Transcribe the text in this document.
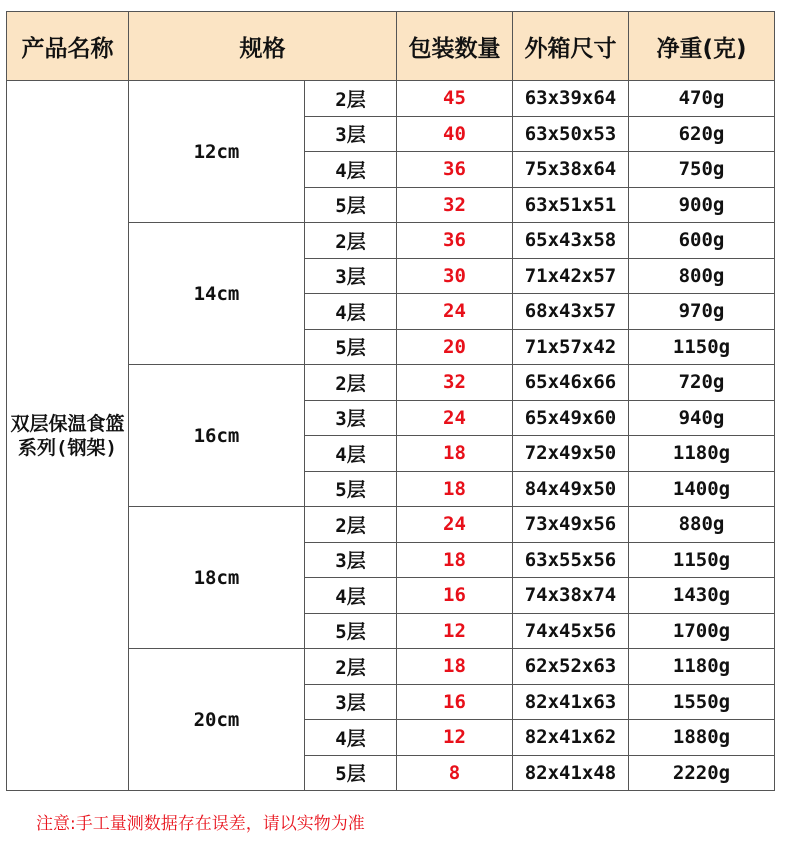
产品名称	规格		包装数量	外箱尺寸	净重(克)
双层保温食篮 系列(钢架)	12cm	2层	45	63x39x64	470g
		3层	40	63x50x53	620g
		4层	36	75x38x64	750g
		5层	32	63x51x51	900g
	14cm	2层	36	65x43x58	600g
		3层	30	71x42x57	800g
		4层	24	68x43x57	970g
		5层	20	71x57x42	1150g
	16cm	2层	32	65x46x66	720g
		3层	24	65x49x60	940g
		4层	18	72x49x50	1180g
		5层	18	84x49x50	1400g
	18cm	2层	24	73x49x56	880g
		3层	18	63x55x56	1150g
		4层	16	74x38x74	1430g
		5层	12	74x45x56	1700g
	20cm	2层	18	62x52x63	1180g
		3层	16	82x41x63	1550g
		4层	12	82x41x62	1880g
		5层	8	82x41x48	2220g
注意:手工量测数据存在误差，请以实物为准
